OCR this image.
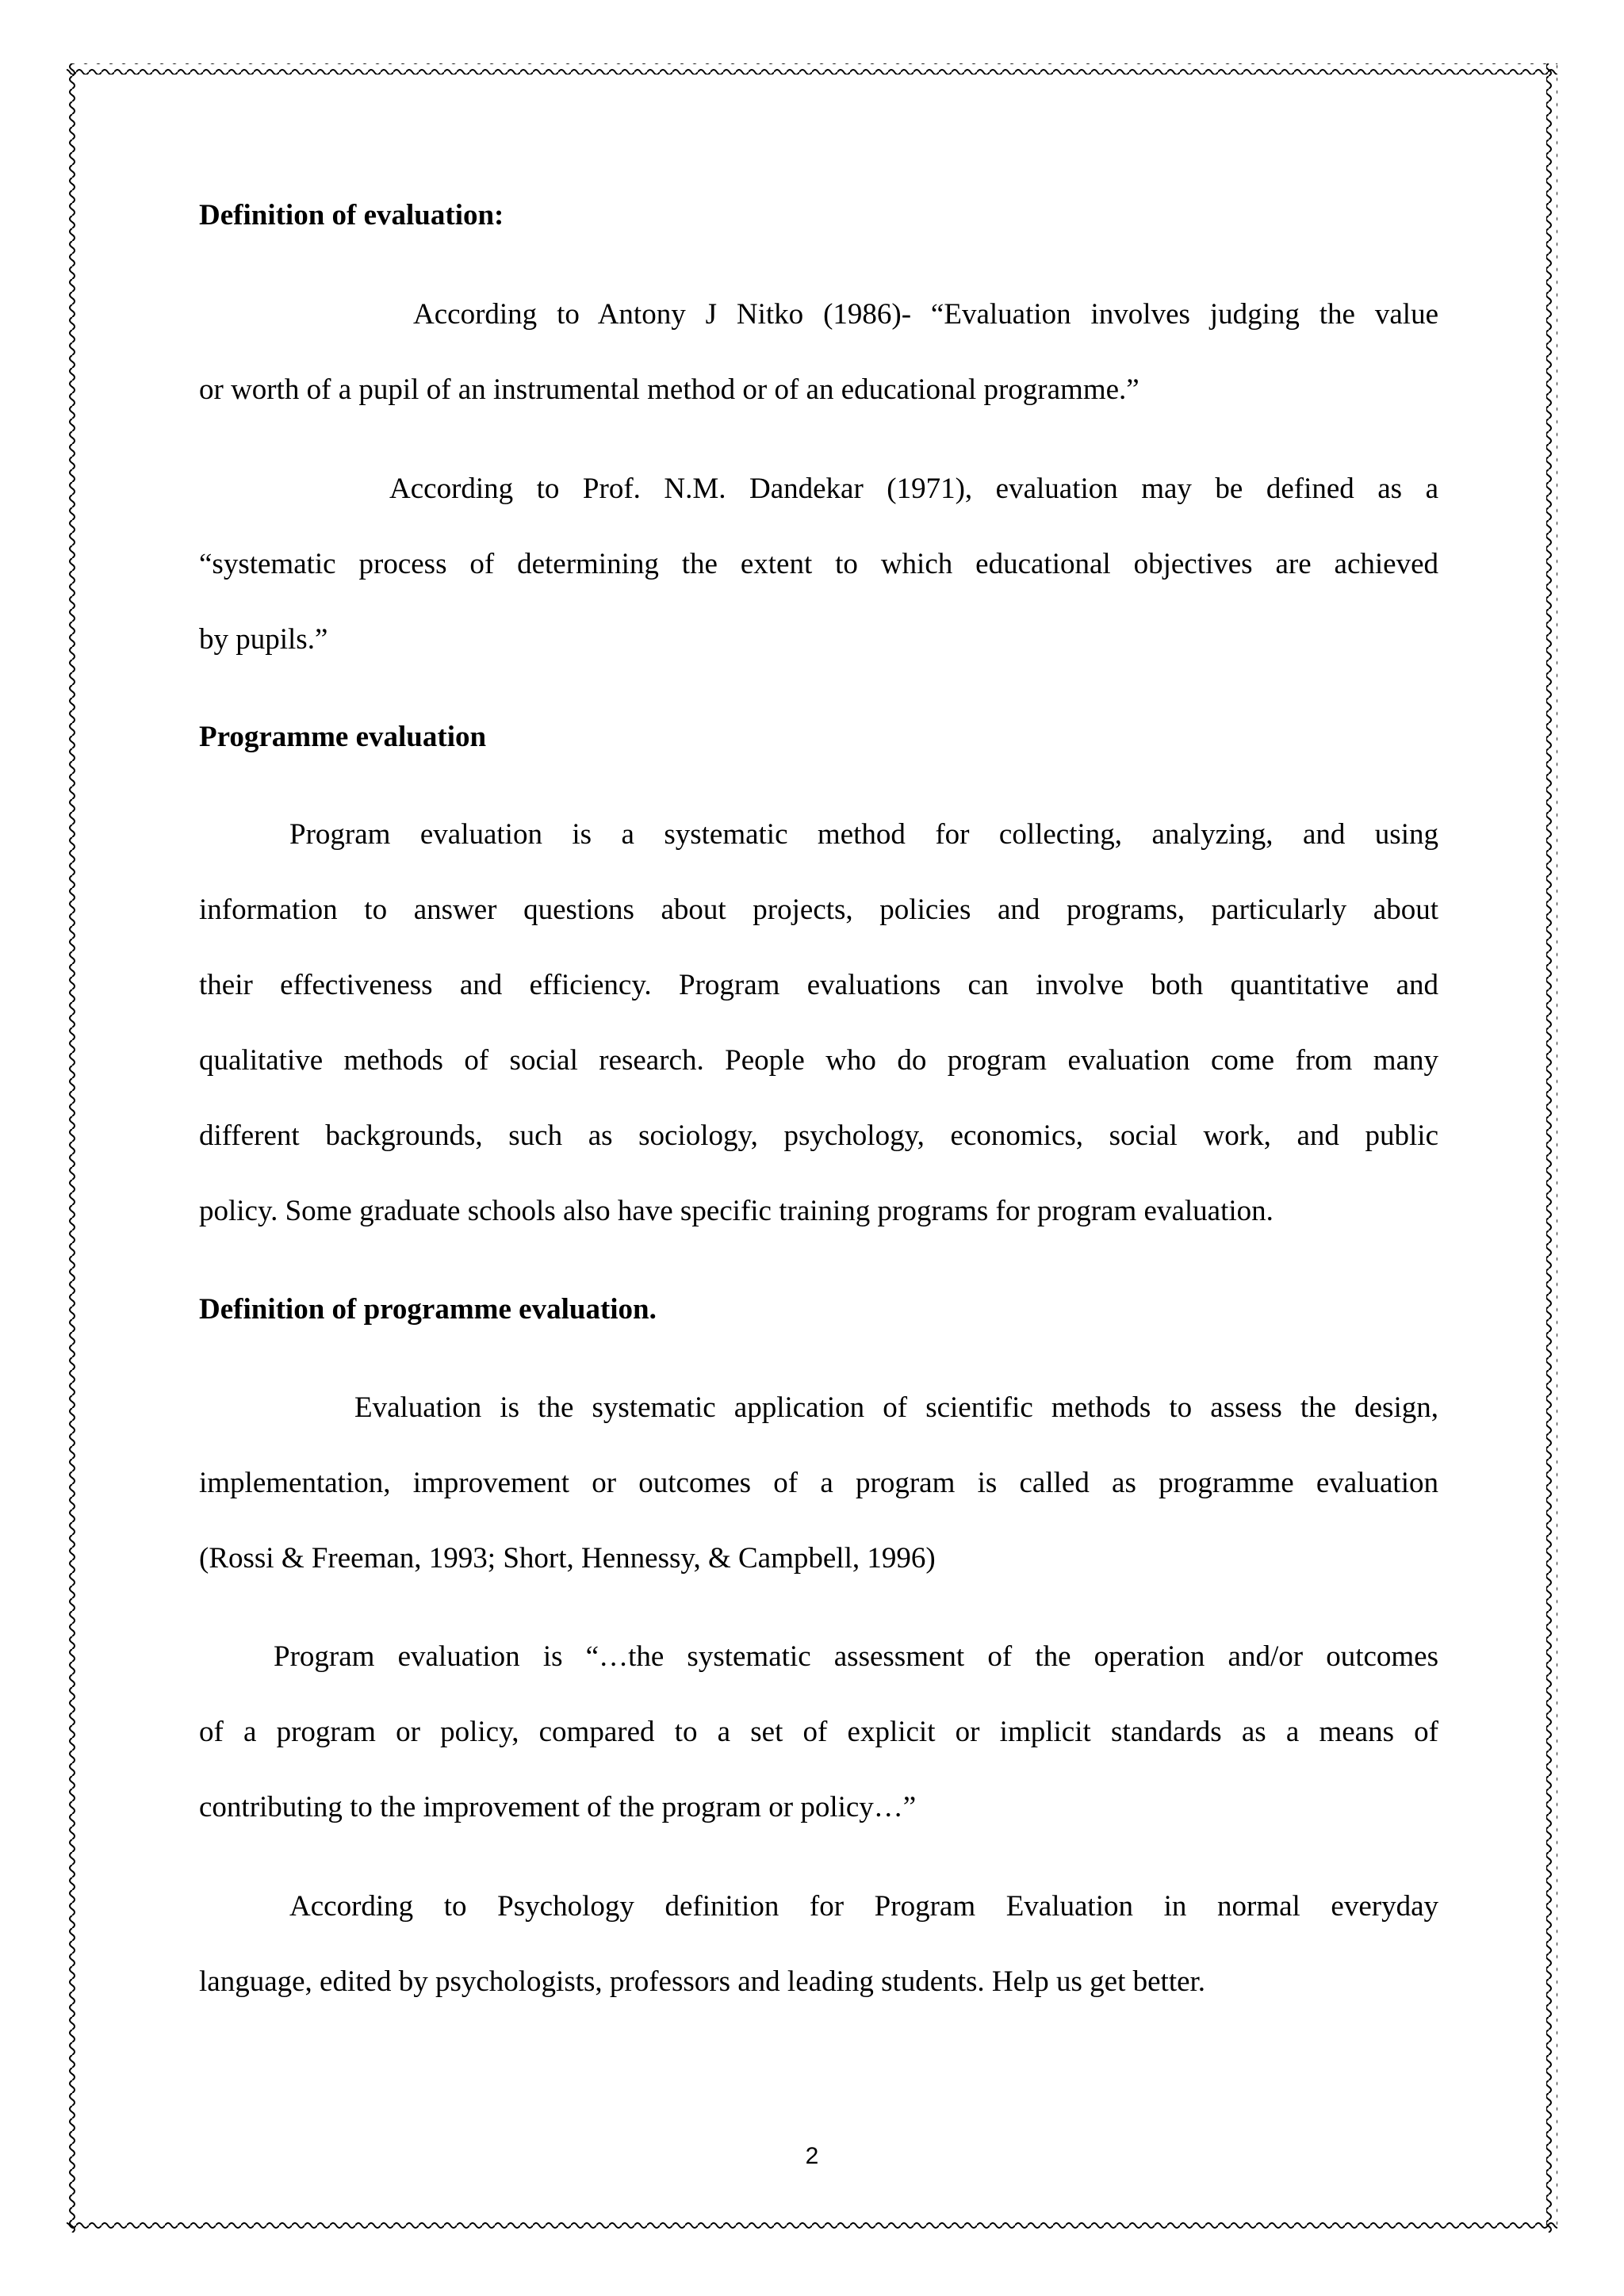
Definition of evaluation:

According to Antony J Nitko (1986)- “Evaluation involves judging the value

or worth of a pupil of an instrumental method or of an educational programme.”

According to Prof. N.M. Dandekar (1971), evaluation may be defined as a

“systematic process of determining the extent to which educational objectives are achieved

by pupils.”

Programme evaluation

Program evaluation is a systematic method for collecting, analyzing, and using

information to answer questions about projects, policies and programs, particularly about

their effectiveness and efficiency. Program evaluations can involve both quantitative and

qualitative methods of social research. People who do program evaluation come from many

different backgrounds, such as sociology, psychology, economics, social work, and public

policy. Some graduate schools also have specific training programs for program evaluation.

Definition of programme evaluation.

Evaluation is the systematic application of scientific methods to assess the design,

implementation, improvement or outcomes of a program is called as programme evaluation

(Rossi & Freeman, 1993; Short, Hennessy, & Campbell, 1996)

Program evaluation is “…the systematic assessment of the operation and/or outcomes

of a program or policy, compared to a set of explicit or implicit standards as a means of

contributing to the improvement of the program or policy…”

According to Psychology definition for Program Evaluation in normal everyday

language, edited by psychologists, professors and leading students. Help us get better.

2
